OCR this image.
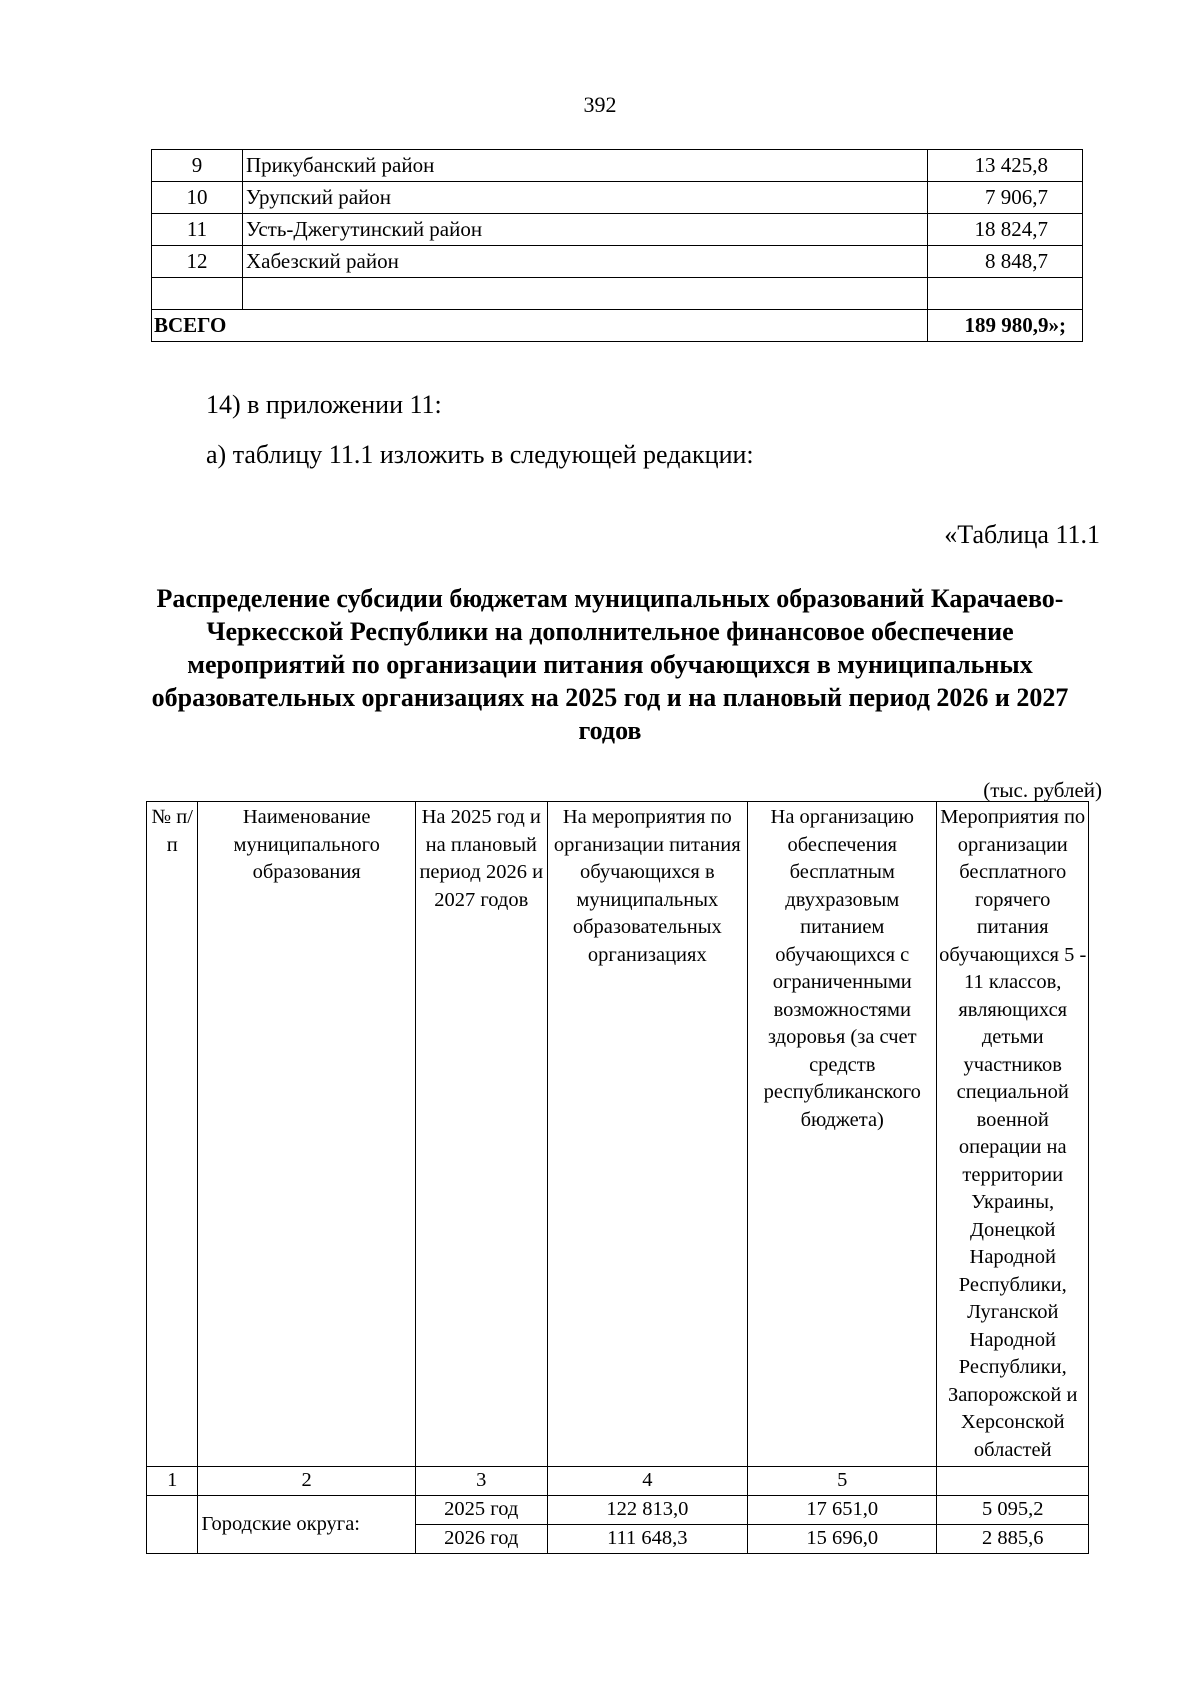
392
9	Прикубанский район	13 425,8
10	Урупский район	7 906,7
11	Усть-Джегутинский район	18 824,7
12	Хабезский район	8 848,7

ВСЕГО		189 980,9»;
14) в приложении 11:
а) таблицу 11.1 изложить в следующей редакции:
«Таблица 11.1
Распределение субсидии бюджетам муниципальных образований Карачаево-Черкесской Республики на дополнительное финансовое обеспечение мероприятий по организации питания обучающихся в муниципальных образовательных организациях на 2025 год и на плановый период 2026 и 2027 годов
(тыс. рублей)
№ п/п	Наименование муниципального образования	На 2025 год и на плановый период 2026 и 2027 годов	На мероприятия по организации питания обучающихся в муниципальных образовательных организациях	На организацию обеспечения бесплатным двухразовым питанием обучающихся с ограниченными возможностями здоровья (за счет средств республиканского бюджета)	Мероприятия по организации бесплатного горячего питания обучающихся 5 - 11 классов, являющихся детьми участников специальной военной операции на территории Украины, Донецкой Народной Республики, Луганской Народной Республики, Запорожской и Херсонской областей
1	2	3	4	5	
	Городские округа:	2025 год	122 813,0	17 651,0	5 095,2
		2026 год	111 648,3	15 696,0	2 885,6
